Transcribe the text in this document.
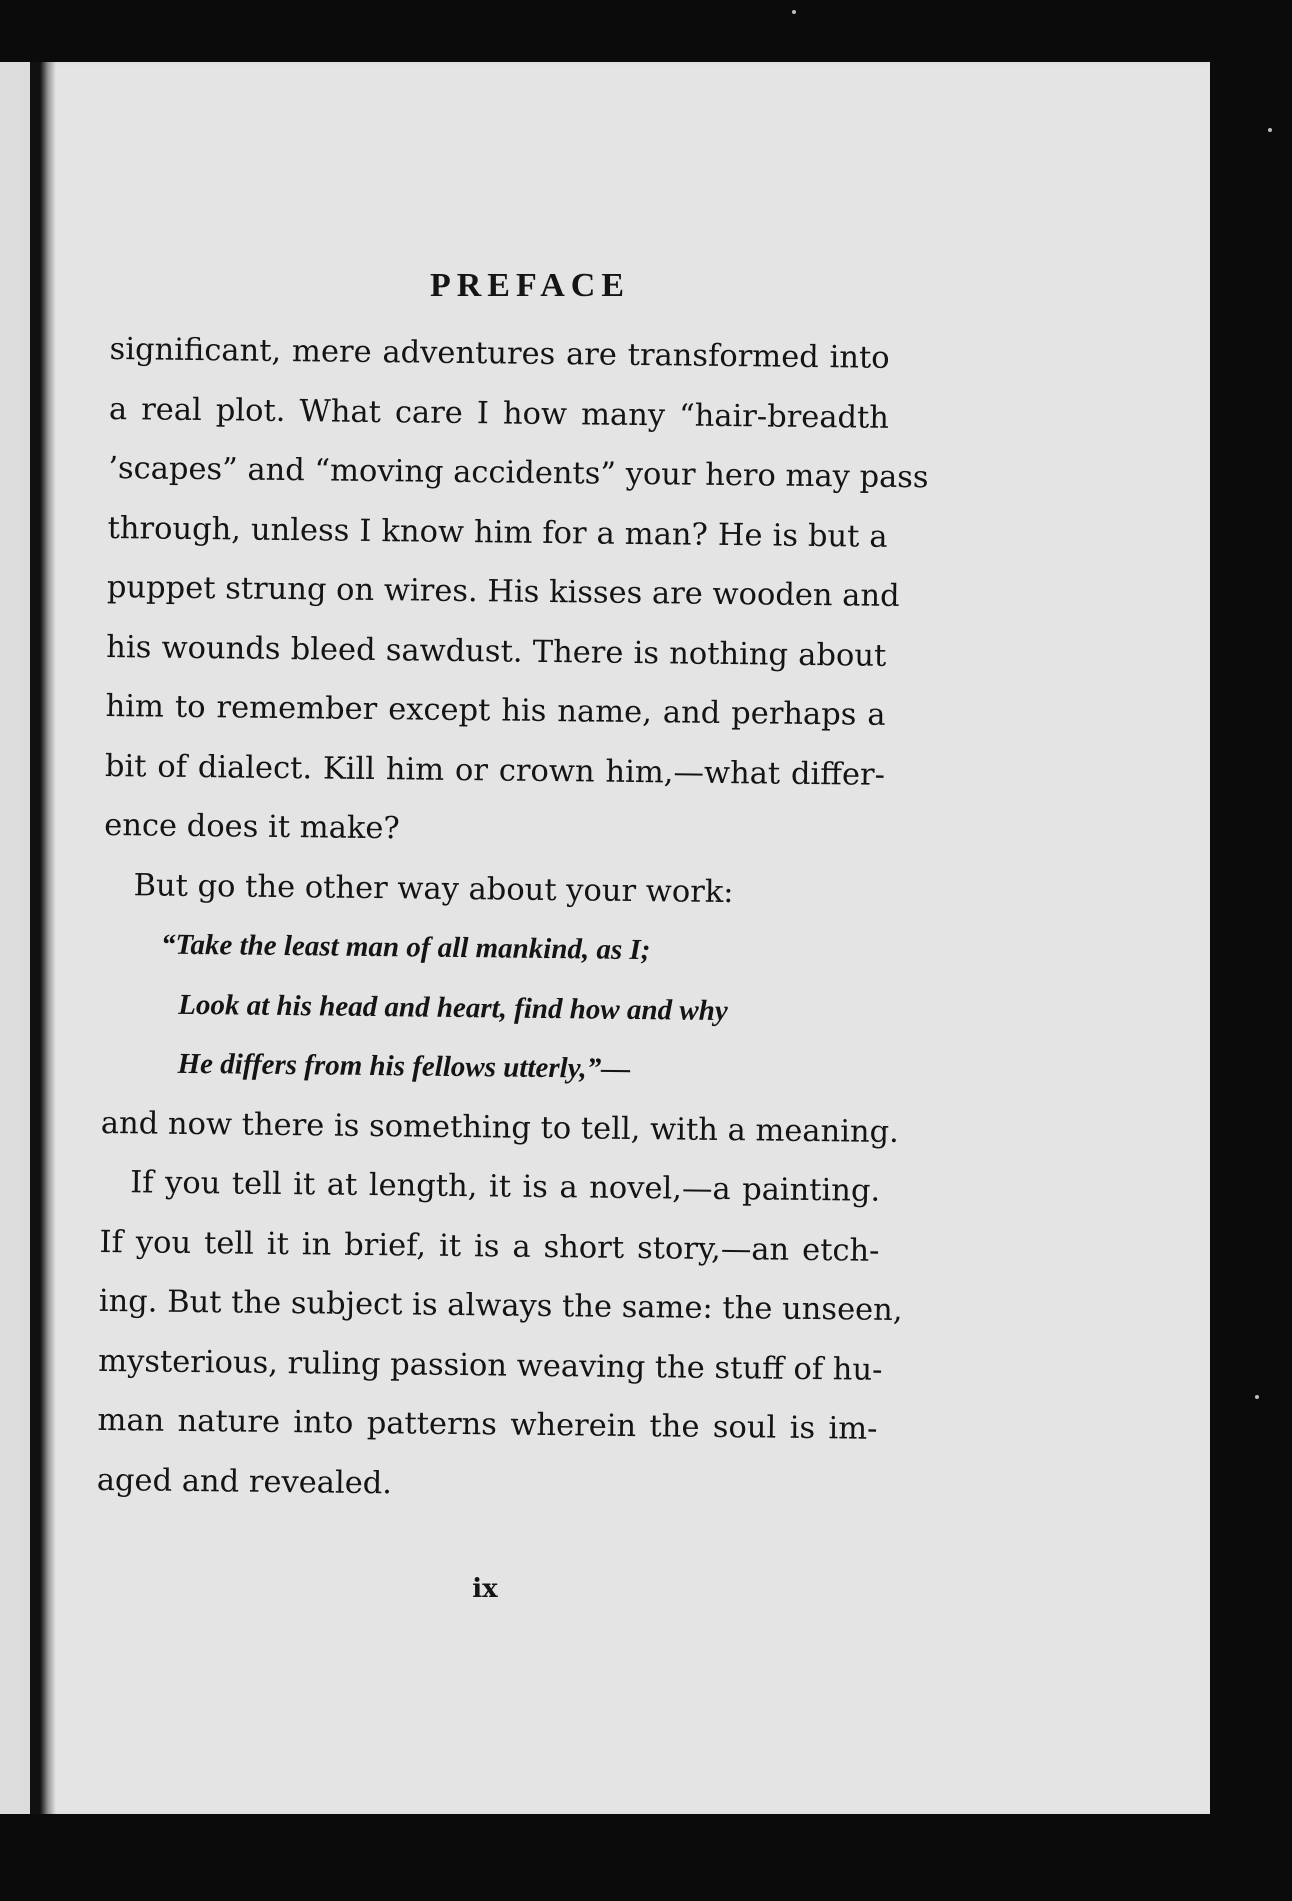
PREFACE
significant, mere adventures are transformed into
a real plot. What care I how many “hair-breadth
’scapes” and “moving accidents” your hero may pass
through, unless I know him for a man? He is but a
puppet strung on wires. His kisses are wooden and
his wounds bleed sawdust. There is nothing about
him to remember except his name, and perhaps a
bit of dialect. Kill him or crown him,—what differ-
ence does it make?
But go the other way about your work:
“Take the least man of all mankind, as I;
Look at his head and heart, find how and why
He differs from his fellows utterly,”—
and now there is something to tell, with a meaning.
If you tell it at length, it is a novel,—a painting.
If you tell it in brief, it is a short story,—an etch-
ing. But the subject is always the same: the unseen,
mysterious, ruling passion weaving the stuff of hu-
man nature into patterns wherein the soul is im-
aged and revealed.
ix
